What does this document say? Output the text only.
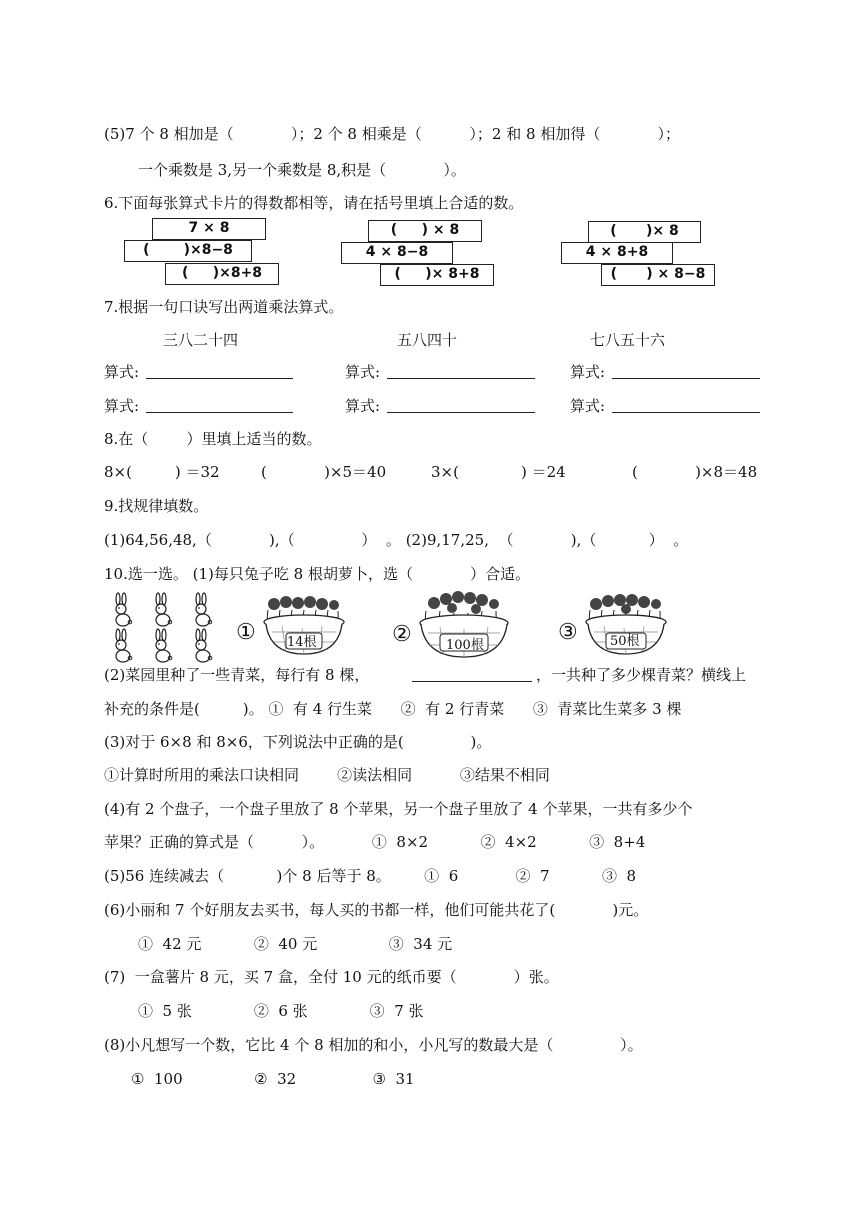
(5)7 个 8 相加是（            ）；2 个 8 相乘是（          ）；2 和 8 相加得（            ）；
一个乘数是 3,另一个乘数是 8,积是（            ）。
6.下面每张算式卡片的得数都相等，请在括号里填上合适的数。
7 × 8
(       )×8−8
(     )×8+8
(     ) × 8
4 × 8−8
(     )× 8+8
(      )× 8
4 × 8+8
(      ) × 8−8
7.根据一句口诀写出两道乘法算式。
三八二十四	五八四十	七八五十六
算式:	算式:	算式:
算式:	算式:	算式:
8.在（        ）里填上适当的数。
8×(         ) ＝32	(            )×5＝40	3×(             ) ＝24	(            )×8＝48
9.找规律填数。
(1)64,56,48,（            ),（              ）  。 (2)9,17,25,  （            ),（           ）  。
10.选一选。 (1)每只兔子吃 8 根胡萝卜，选（            ）合适。
① 14根	②	100根
③ 50根
(2)菜园里种了一些青菜，每行有 8 棵，	，一共种了多少棵青菜？横线上
补充的条件是(         )。 ①  有 4 行生菜      ②  有 2 行青菜      ③  青菜比生菜多 3 棵
(3)对于 6×8 和 8×6，下列说法中正确的是(              )。
①计算时所用的乘法口诀相同        ②读法相同          ③结果不相同
(4)有 2 个盘子，一个盘子里放了 8 个苹果，另一个盘子里放了 4 个苹果，一共有多少个
苹果？正确的算式是（          ）。          ①  8×2           ②  4×2           ③  8+4
(5)56 连续减去（           )个 8 后等于 8。       ①  6            ②  7           ③  8
(6)小丽和 7 个好朋友去买书，每人买的书都一样，他们可能共花了(            )元。
①  42 元           ②  40 元               ③  34 元
(7)  一盒薯片 8 元，买 7 盒，全付 10 元的纸币要（            ）张。
①  5 张             ②  6 张             ③  7 张
(8)小凡想写一个数，它比 4 个 8 相加的和小，小凡写的数最大是（              ）。
①  100               ②  32                ③  31
